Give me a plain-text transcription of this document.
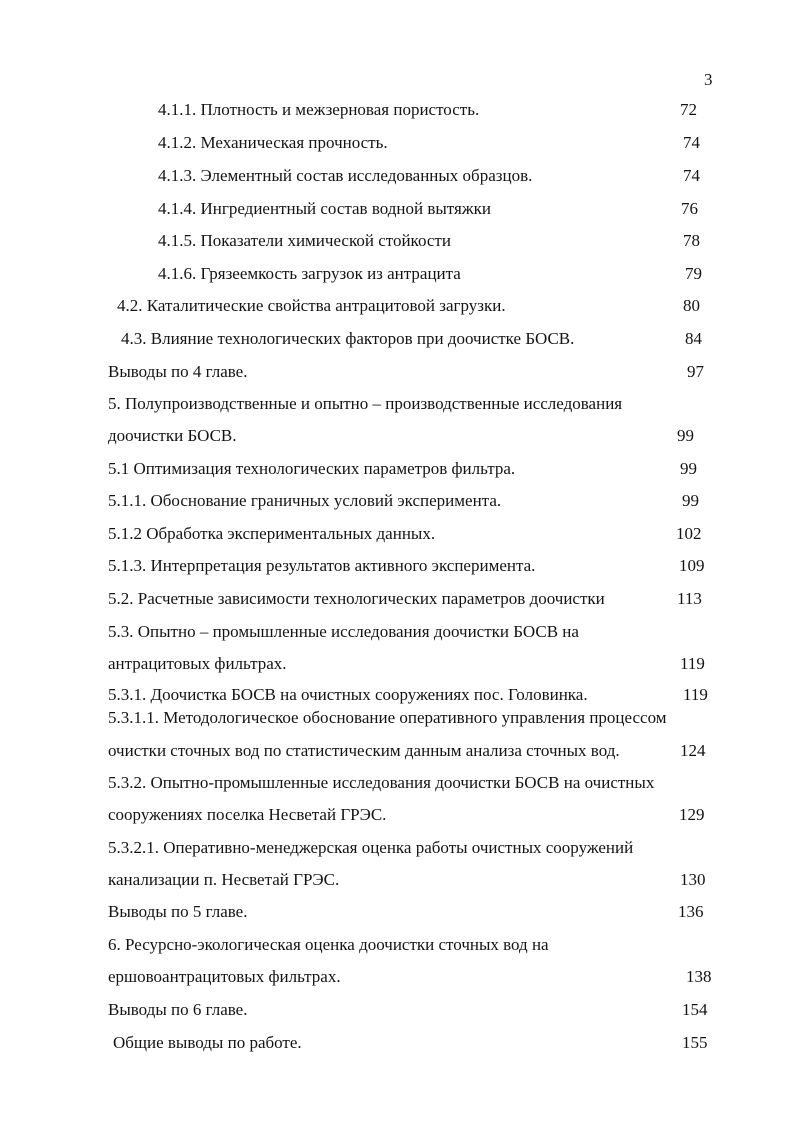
3
4.1.1. Плотность и межзерновая пористость.	72
4.1.2. Механическая прочность.	74
4.1.3. Элементный состав исследованных образцов.	74
4.1.4. Ингредиентный состав водной вытяжки	76
4.1.5. Показатели химической стойкости	78
4.1.6. Грязеемкость загрузок из антрацита	79
4.2. Каталитические свойства антрацитовой загрузки.	80
4.3. Влияние технологических факторов при доочистке БОСВ.	84
Выводы по 4 главе.	97
5. Полупроизводственные и опытно – производственные исследования
доочистки БОСВ.	99
5.1 Оптимизация технологических параметров фильтра.	99
5.1.1. Обоснование граничных условий эксперимента.	99
5.1.2 Обработка экспериментальных данных.	102
5.1.3. Интерпретация результатов активного эксперимента.	109
5.2. Расчетные зависимости технологических параметров доочистки	113
5.3. Опытно – промышленные исследования доочистки БОСВ на
антрацитовых фильтрах.	119
5.3.1. Доочистка БОСВ на очистных сооружениях пос. Головинка.	119
5.3.1.1. Методологическое обоснование оперативного управления процессом
очистки сточных вод по статистическим данным анализа сточных вод.	124
5.3.2. Опытно-промышленные исследования доочистки БОСВ на очистных
сооружениях поселка Несветай ГРЭС.	129
5.3.2.1. Оперативно-менеджерская оценка работы очистных сооружений
канализации п. Несветай ГРЭС.	130
Выводы по 5 главе.	136
6. Ресурсно-экологическая оценка доочистки сточных вод на
ершовоантрацитовых фильтрах.	138
Выводы по 6 главе.	154
Общие выводы по работе.	155
